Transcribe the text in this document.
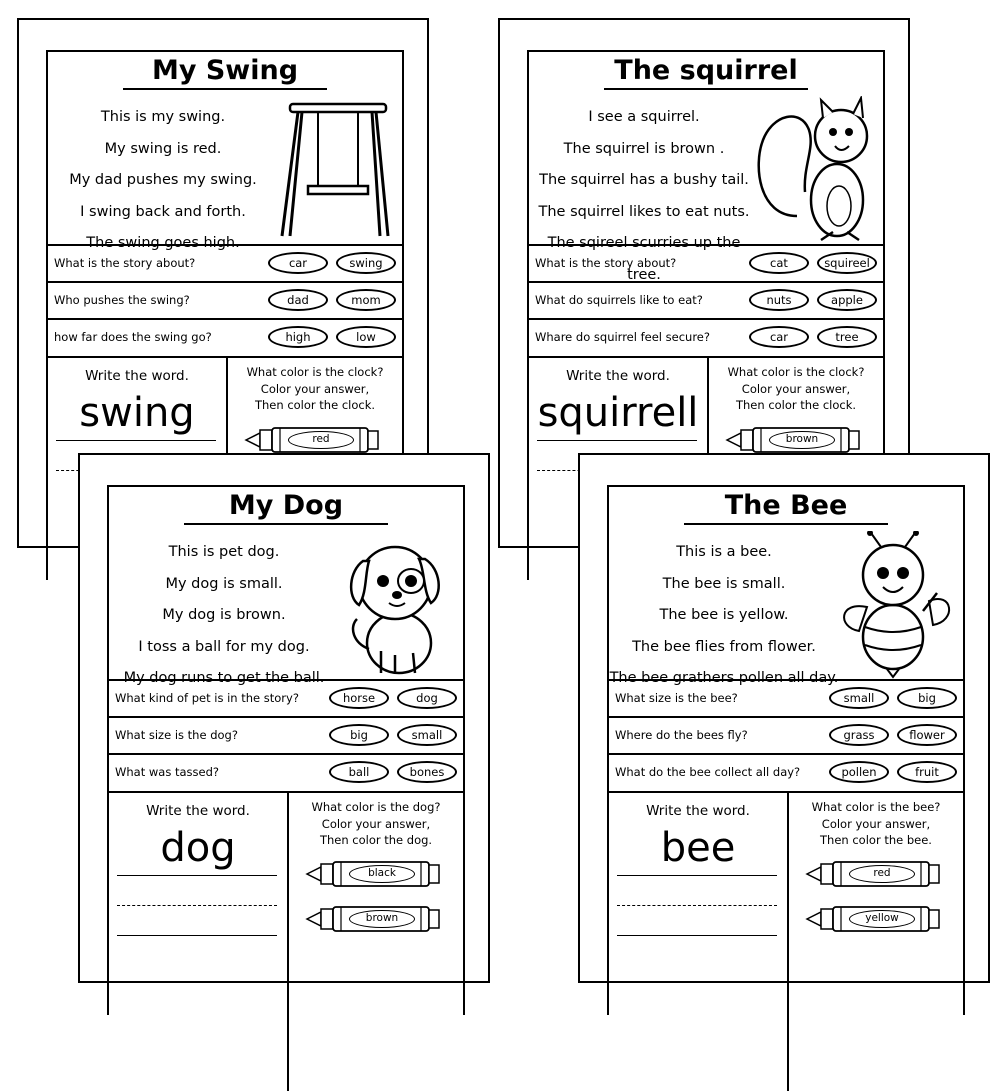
My Swing
This is my swing.
My swing is red.
My dad pushes my swing.
I swing back and forth.
The swing goes high.
What is the story about?	car	swing
Who pushes the swing?	dad	mom
how far does the swing go?	high	low
Write the word.
swing
What color is the clock?
Color your answer,
Then color the clock.
red
The squirrel
I see a squirrel.
The squirrel is brown .
The squirrel has a bushy tail.
The squirrel likes to eat nuts.
The sqireel scurries up the tree.
What is the story about?	cat	squireel
What do squirrels like to eat?	nuts	apple
Whare do squirrel feel secure?	car	tree
Write the word.
squirrell
What color is the clock?
Color your answer,
Then color the clock.
brown
My Dog
This is pet dog.
My dog is small.
My dog is brown.
I toss a ball for my dog.
My dog runs to get the ball.
What kind of pet is in the story?	horse	dog
What size is the dog?	big	small
What was tassed?	ball	bones
Write the word.
dog
What color is the dog?
Color your answer,
Then color the dog.
black
brown
The Bee
This is a bee.
The bee is small.
The bee is yellow.
The bee flies from flower.
The bee grathers pollen all day.
What size is the bee?	small	big
Where do the bees fly?	grass	flower
What do the bee collect all day?	pollen	fruit
Write the word.
bee
What color is the bee?
Color your answer,
Then color the bee.
red
yellow
